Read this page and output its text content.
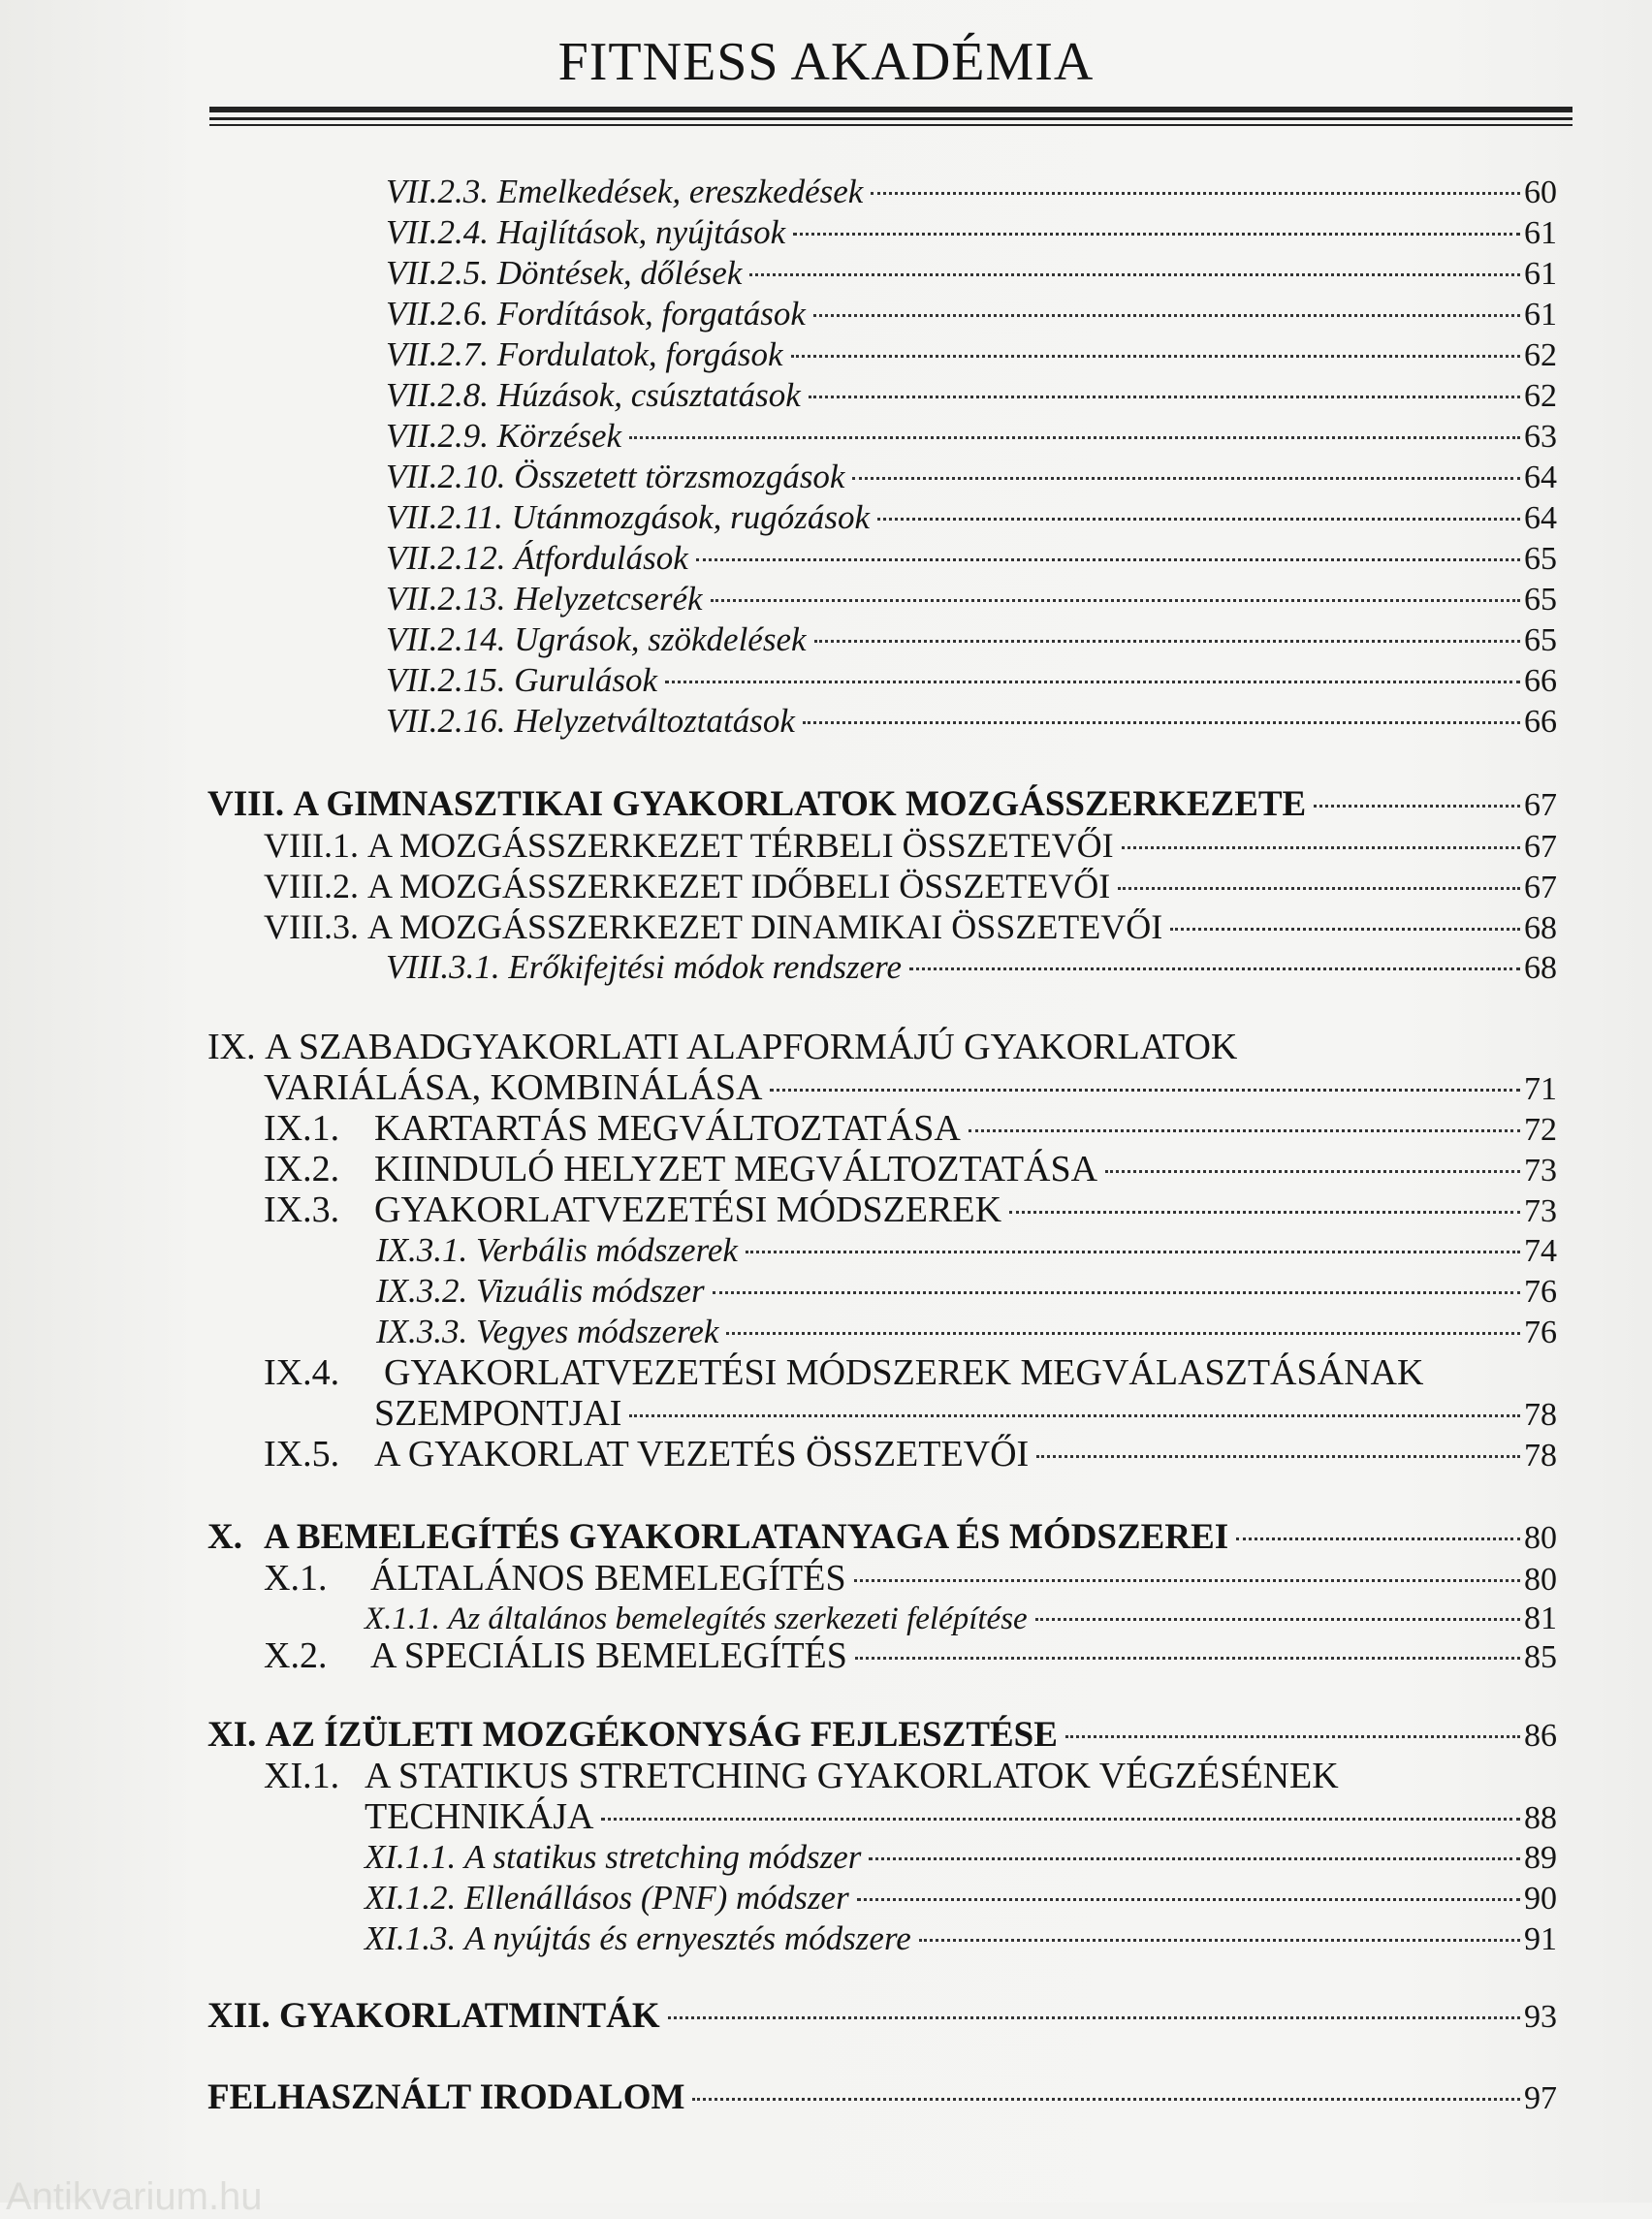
FITNESS AKADÉMIA
VII.2.3.
Emelkedések, ereszkedések	60
VII.2.4.
Hajlítások, nyújtások	61
VII.2.5.
Döntések, dőlések	61
VII.2.6.
Fordítások, forgatások	61
VII.2.7.
Fordulatok, forgások	62
VII.2.8.
Húzások, csúsztatások	62
VII.2.9.
Körzések	63
VII.2.10.
Összetett törzsmozgások	64
VII.2.11.
Utánmozgások, rugózások	64
VII.2.12.
Átfordulások	65
VII.2.13.
Helyzetcserék	65
VII.2.14.
Ugrások, szökdelések	65
VII.2.15.
Gurulások	66
VII.2.16.
Helyzetváltoztatások	66
VIII.
A GIMNASZTIKAI GYAKORLATOK MOZGÁSSZERKEZETE	67
VIII.1.
A MOZGÁSSZERKEZET TÉRBELI ÖSSZETEVŐI	67
VIII.2.
A MOZGÁSSZERKEZET IDŐBELI ÖSSZETEVŐI	67
VIII.3.
A MOZGÁSSZERKEZET DINAMIKAI ÖSSZETEVŐI	68
VIII.3.1.
Erőkifejtési módok rendszere	68
IX. A SZABADGYAKORLATI ALAPFORMÁJÚ GYAKORLATOK
VARIÁLÁSA, KOMBINÁLÁSA	71
IX.1. KARTARTÁS MEGVÁLTOZTATÁSA	72
IX.2. KIINDULÓ HELYZET MEGVÁLTOZTATÁSA	73
IX.3. GYAKORLATVEZETÉSI MÓDSZEREK	73
IX.3.1.
Verbális módszerek	74
IX.3.2.
Vizuális módszer	76
IX.3.3.
Vegyes módszerek	76
IX.4. GYAKORLATVEZETÉSI MÓDSZEREK MEGVÁLASZTÁSÁNAK
SZEMPONTJAI	78
IX.5. A GYAKORLAT VEZETÉS ÖSSZETEVŐI	78
X. A BEMELEGÍTÉS GYAKORLATANYAGA ÉS MÓDSZEREI	80
X.1.	ÁLTALÁNOS BEMELEGÍTÉS	80
X.1.1.
Az általános bemelegítés szerkezeti felépítése	81
X.2.	A SPECIÁLIS BEMELEGÍTÉS	85
XI.
AZ ÍZÜLETI MOZGÉKONYSÁG FEJLESZTÉSE	86
XI.1. A STATIKUS STRETCHING GYAKORLATOK VÉGZÉSÉNEK
TECHNIKÁJA	88
XI.1.1.
A statikus stretching módszer	89
XI.1.2.
Ellenállásos (PNF) módszer	90
XI.1.3.
A nyújtás és ernyesztés módszere	91
XII.
GYAKORLATMINTÁK	93
FELHASZNÁLT IRODALOM	97
Antikvarium.hu
